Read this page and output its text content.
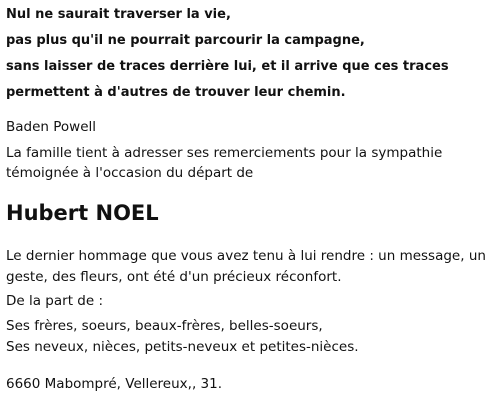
Nul ne saurait traverser la vie,
pas plus qu'il ne pourrait parcourir la campagne,
sans laisser de traces derrière lui, et il arrive que ces traces
permettent à d'autres de trouver leur chemin.
Baden Powell
La famille tient à adresser ses remerciements pour la sympathie
témoignée à l'occasion du départ de
Hubert NOEL
Le dernier hommage que vous avez tenu à lui rendre : un message, un
geste, des fleurs, ont été d'un précieux réconfort.
De la part de :
Ses frères, soeurs, beaux-frères, belles-soeurs,
Ses neveux, nièces, petits-neveux et petites-nièces.
6660 Mabompré, Vellereux,, 31.
